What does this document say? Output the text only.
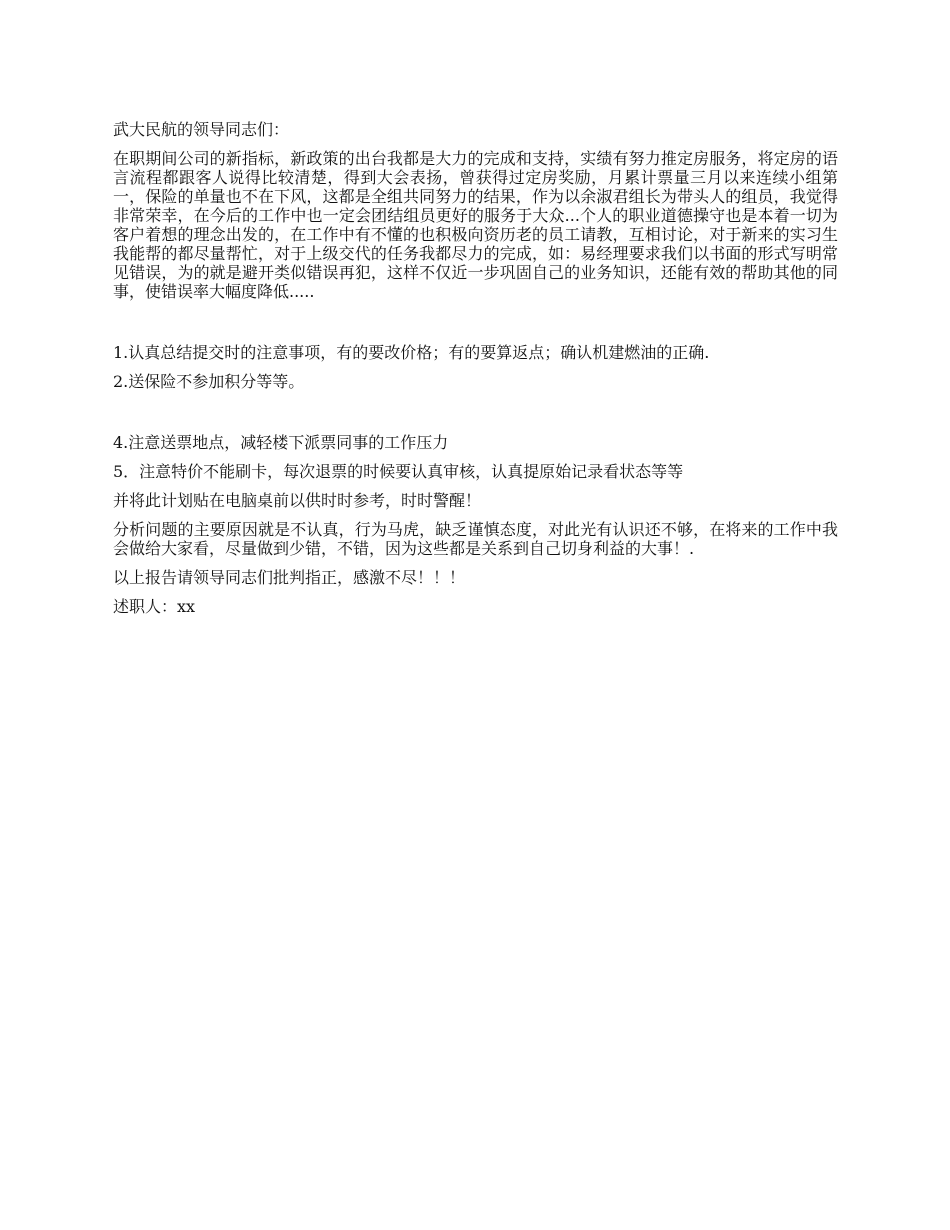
武大民航的领导同志们：

在职期间公司的新指标，新政策的出台我都是大力的完成和支持，实绩有努力推定房服务，将定房的语言流程都跟客人说得比较清楚，得到大会表扬，曾获得过定房奖励，月累计票量三月以来连续小组第一，保险的单量也不在下风，这都是全组共同努力的结果，作为以余淑君组长为带头人的组员，我觉得非常荣幸，在今后的工作中也一定会团结组员更好的服务于大众...个人的职业道德操守也是本着一切为客户着想的理念出发的，在工作中有不懂的也积极向资历老的员工请教，互相讨论，对于新来的实习生我能帮的都尽量帮忙，对于上级交代的任务我都尽力的完成，如：易经理要求我们以书面的形式写明常见错误，为的就是避开类似错误再犯，这样不仅近一步巩固自己的业务知识，还能有效的帮助其他的同事，使错误率大幅度降低.....

1.认真总结提交时的注意事项，有的要改价格；有的要算返点；确认机建燃油的正确.

2.送保险不参加积分等等。

4.注意送票地点，减轻楼下派票同事的工作压力

5．注意特价不能刷卡，每次退票的时候要认真审核，认真提原始记录看状态等等

并将此计划贴在电脑桌前以供时时参考，时时警醒！

分析问题的主要原因就是不认真，行为马虎，缺乏谨慎态度，对此光有认识还不够，在将来的工作中我会做给大家看，尽量做到少错，不错，因为这些都是关系到自己切身利益的大事！.

以上报告请领导同志们批判指正，感激不尽！！！

述职人：xx
